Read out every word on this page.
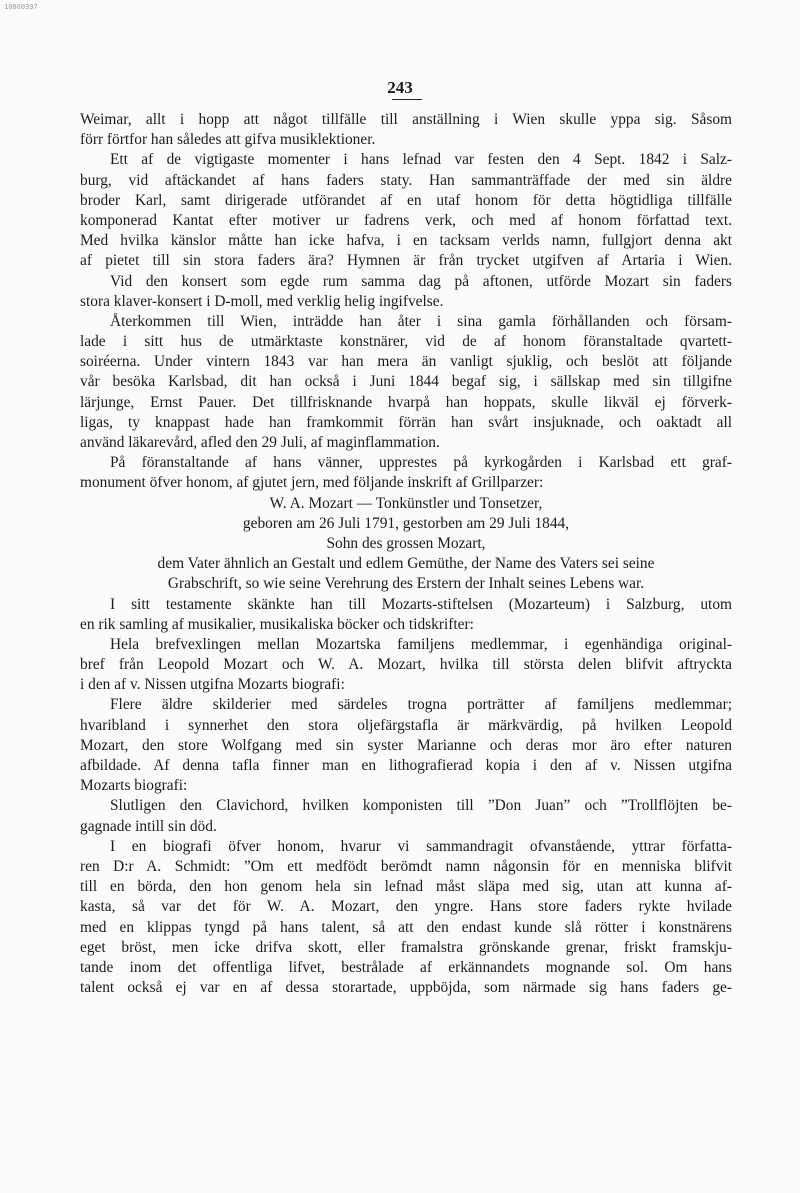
10800397
243
Weimar, allt i hopp att något tillfälle till anställning i Wien skulle yppa sig. Såsom
förr förtfor han således att gifva musiklektioner.
Ett af de vigtigaste momenter i hans lefnad var festen den 4 Sept. 1842 i Salz-
burg, vid aftäckandet af hans faders staty. Han sammanträffade der med sin äldre
broder Karl, samt dirigerade utförandet af en utaf honom för detta högtidliga tillfälle
komponerad Kantat efter motiver ur fadrens verk, och med af honom författad text.
Med hvilka känslor måtte han icke hafva, i en tacksam verlds namn, fullgjort denna akt
af pietet till sin stora faders ära? Hymnen är från trycket utgifven af Artaria i Wien.
Vid den konsert som egde rum samma dag på aftonen, utförde Mozart sin faders
stora klaver-konsert i D-moll, med verklig helig ingifvelse.
Återkommen till Wien, inträdde han åter i sina gamla förhållanden och försam-
lade i sitt hus de utmärktaste konstnärer, vid de af honom föranstaltade qvartett-
soiréerna. Under vintern 1843 var han mera än vanligt sjuklig, och beslöt att följande
vår besöka Karlsbad, dit han också i Juni 1844 begaf sig, i sällskap med sin tillgifne
lärjunge, Ernst Pauer. Det tillfrisknande hvarpå han hoppats, skulle likväl ej förverk-
ligas, ty knappast hade han framkommit förrän han svårt insjuknade, och oaktadt all
använd läkarevård, afled den 29 Juli, af maginflammation.
På föranstaltande af hans vänner, upprestes på kyrkogården i Karlsbad ett graf-
monument öfver honom, af gjutet jern, med följande inskrift af Grillparzer:
W. A. Mozart — Tonkünstler und Tonsetzer,
geboren am 26 Juli 1791, gestorben am 29 Juli 1844,
Sohn des grossen Mozart,
dem Vater ähnlich an Gestalt und edlem Gemüthe, der Name des Vaters sei seine
Grabschrift, so wie seine Verehrung des Erstern der Inhalt seines Lebens war.
I sitt testamente skänkte han till Mozarts-stiftelsen (Mozarteum) i Salzburg, utom
en rik samling af musikalier, musikaliska böcker och tidskrifter:
Hela brefvexlingen mellan Mozartska familjens medlemmar, i egenhändiga original-
bref från Leopold Mozart och W. A. Mozart, hvilka till största delen blifvit aftryckta
i den af v. Nissen utgifna Mozarts biografi:
Flere äldre skilderier med särdeles trogna porträtter af familjens medlemmar;
hvaribland i synnerhet den stora oljefärgstafla är märkvärdig, på hvilken Leopold
Mozart, den store Wolfgang med sin syster Marianne och deras mor äro efter naturen
afbildade. Af denna tafla finner man en lithografierad kopia i den af v. Nissen utgifna
Mozarts biografi:
Slutligen den Clavichord, hvilken komponisten till ”Don Juan” och ”Trollflöjten be-
gagnade intill sin död.
I en biografi öfver honom, hvarur vi sammandragit ofvanstående, yttrar författa-
ren D:r A. Schmidt: ”Om ett medfödt berömdt namn någonsin för en menniska blifvit
till en börda, den hon genom hela sin lefnad måst släpa med sig, utan att kunna af-
kasta, så var det för W. A. Mozart, den yngre. Hans store faders rykte hvilade
med en klippas tyngd på hans talent, så att den endast kunde slå rötter i konstnärens
eget bröst, men icke drifva skott, eller framalstra grönskande grenar, friskt framskju-
tande inom det offentliga lifvet, bestrålade af erkännandets mognande sol. Om hans
talent också ej var en af dessa storartade, uppböjda, som närmade sig hans faders ge-
